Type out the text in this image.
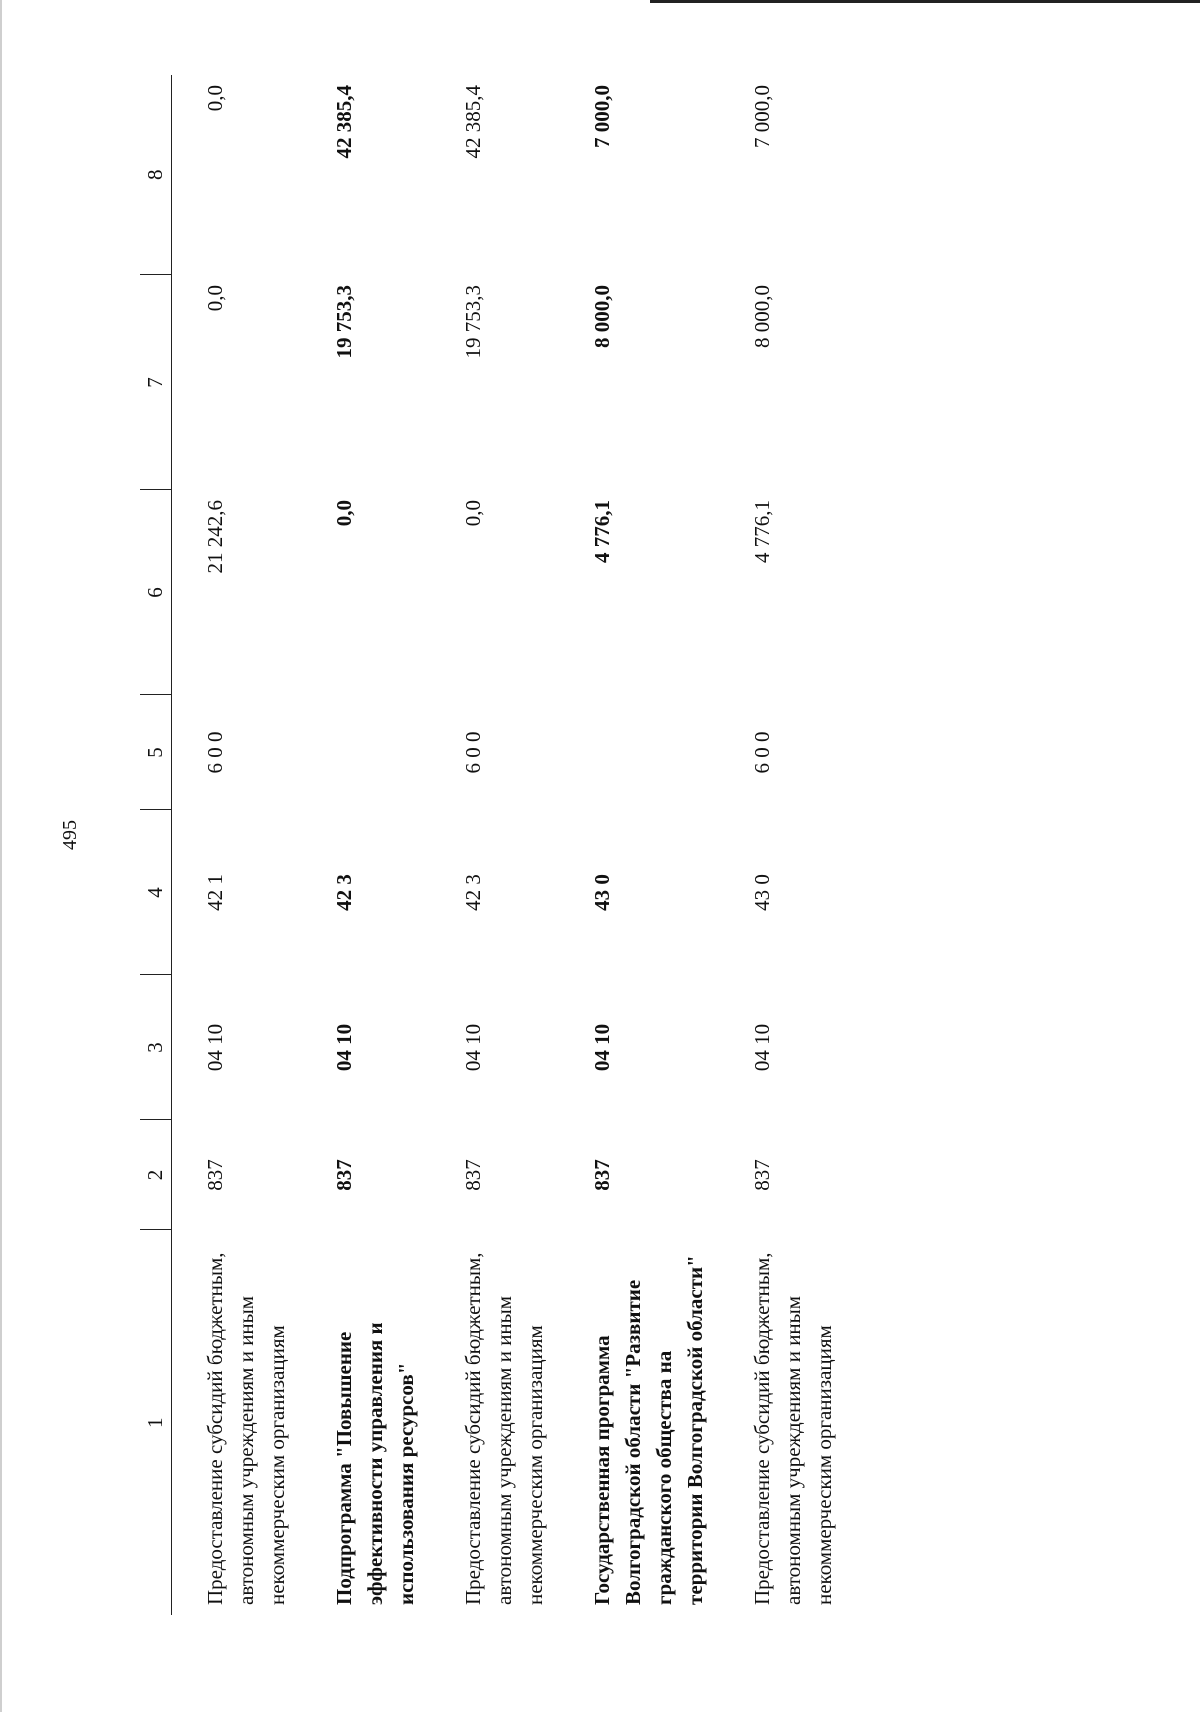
495
1	2	3	4	5	6	7	8
Предоставление субсидий бюджетным, автономным учреждениям и иным некоммерческим организациям	837	04 10	42 1	6 0 0	21 242,6	0,0	0,0
Подпрограмма "Повышение эффективности управления и использования ресурсов"	837	04 10	42 3		0,0	19 753,3	42 385,4
Предоставление субсидий бюджетным, автономным учреждениям и иным некоммерческим организациям	837	04 10	42 3	6 0 0	0,0	19 753,3	42 385,4
Государственная программа Волгоградской области "Развитие гражданского общества на территории Волгоградской области"	837	04 10	43 0		4 776,1	8 000,0	7 000,0
Предоставление субсидий бюджетным, автономным учреждениям и иным некоммерческим организациям	837	04 10	43 0	6 0 0	4 776,1	8 000,0	7 000,0
